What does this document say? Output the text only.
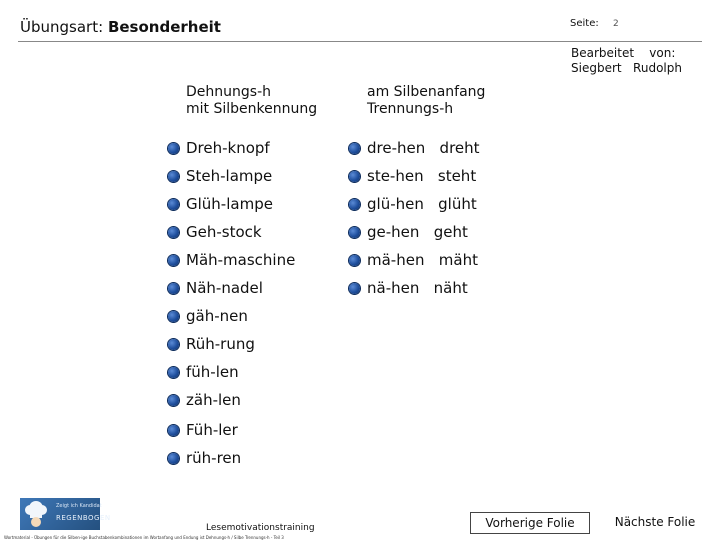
Übungsart: Besonderheit	Seite: 2
Bearbeitet von:
Siegbert Rudolph
Dehnungs-h
mit Silbenkennung
am Silbenanfang
Trennungs-h
Dreh-knopf
Steh-lampe
Glüh-lampe
Geh-stock
Mäh-maschine
Näh-nadel
gäh-nen
Rüh-rung
füh-len
zäh-len
Füh-ler
rüh-ren
dre-hen   dreht
ste-hen   steht
glü-hen   glüht
ge-hen   geht
mä-hen   mäht
nä-hen   näht
Zeigt ich Kandidat
REGENBOGEN
Lesemotivationstraining
Wortmaterial - Übungen für die Silben-ige Buchstabenkombinationen im Wortanfang und Endung ist Dehnungs-h / Silbe Trennungs-h - Teil 3
Vorherige Folie	Nächste Folie
